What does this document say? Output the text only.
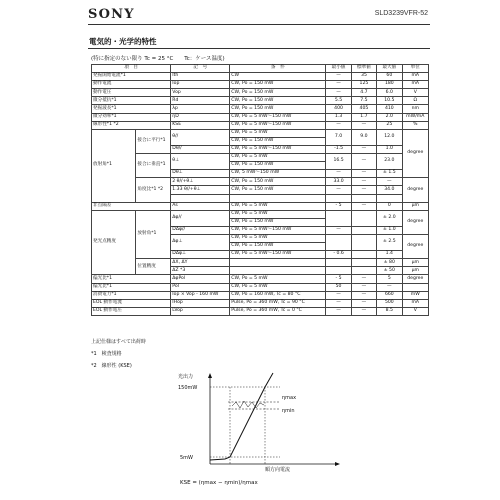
SONY	SLD3239VFR-52
電気的・光学的特性
(特に指定のない限り Tc = 25 °C　　Tc：ケース温度)
項　目		記　号	条　件	最小値	標準値	最大値	単位
発振開始電流*1		Ith	CW	—	35	60	mA
動作電流		Iop	CW, Po = 150 mW	—	125	180	mA
動作電圧		Vop	CW, Po = 150 mW	—	4.7	6.0	V
微分抵抗*1		Rd	CW, Po = 150 mW	5.5	7.5	10.5	Ω
発振波長*1		λp	CW, Po = 150 mW	400	405	410	nm
微分効率*1		ηD	CW, Po = 5 mW〜150 mW	1.3	1.7	2.0	mW/mA
線形性*1 *2		KSE	CW, Po = 5 mW〜150 mW	—	—	25	%
放射角*1	接合に平行*1	θ//	CW, Po = 5 mW	7.0	9.0	12.0	degree
			CW, Po = 150 mW				
		Dθ//	CW, Po = 5 mW〜150 mW	-1.5	—	1.0	
	接合に垂直*1	θ⊥	CW, Po = 5 mW	16.5	—	23.0	
			CW, Po = 150 mW				
		Dθ⊥	CW, 5 mW〜150 mW	—	—	± 1.5	
	角度比*1 *2	2 θ//+θ⊥	CW, Po = 150 mW	33.0	—	—	degree
		1.33 θ//+θ⊥	CW, Po = 150 mW	—	—	34.0	

非点隔差		As	CW, Po = 5 mW	- 5	—	0	μm
発光点精度	放射角*1	Δφ//	CW, Po = 5 mW			± 2.0	degree
			CW, Po = 150 mW				
		DΔφ//	CW, Po = 5 mW〜150 mW	—		± 1.0	
		Δφ⊥	CW, Po = 5 mW			± 2.5	degree
			CW, Po = 150 mW				
		DΔφ⊥	CW, Po = 5 mW〜150 mW	- 0.6		1.4	
	位置精度	ΔX, ΔY				± 80	μm
		ΔZ *3				± 50	μm
偏光比*1		ΔφPol	CW, Po = 5 mW	- 5	—	5	degree
偏光比*1		Pol	CW, Po = 5 mW	50	—	—	
消費電力*1		Iop × Vop - 160 mW	CW, Po = 160 mW, Tc = 80 °C	—	—	660	mW
EOL 動作電流		IHop	Pulse, Po = 360 mW, Tc = 90 °C	—	—	500	mA
EOL 動作電圧		LVop	Pulse, Po = 360 mW, Tc = 0 °C	—	—	8.5	V
上記仕様はすべて出荷時
*1　検査規格
*2　線形性 (KSE)
光出力
150mW
5mW
順方向電流
ηmax
ηmin
KSE = (ηmax − ηmin)/ηmax
